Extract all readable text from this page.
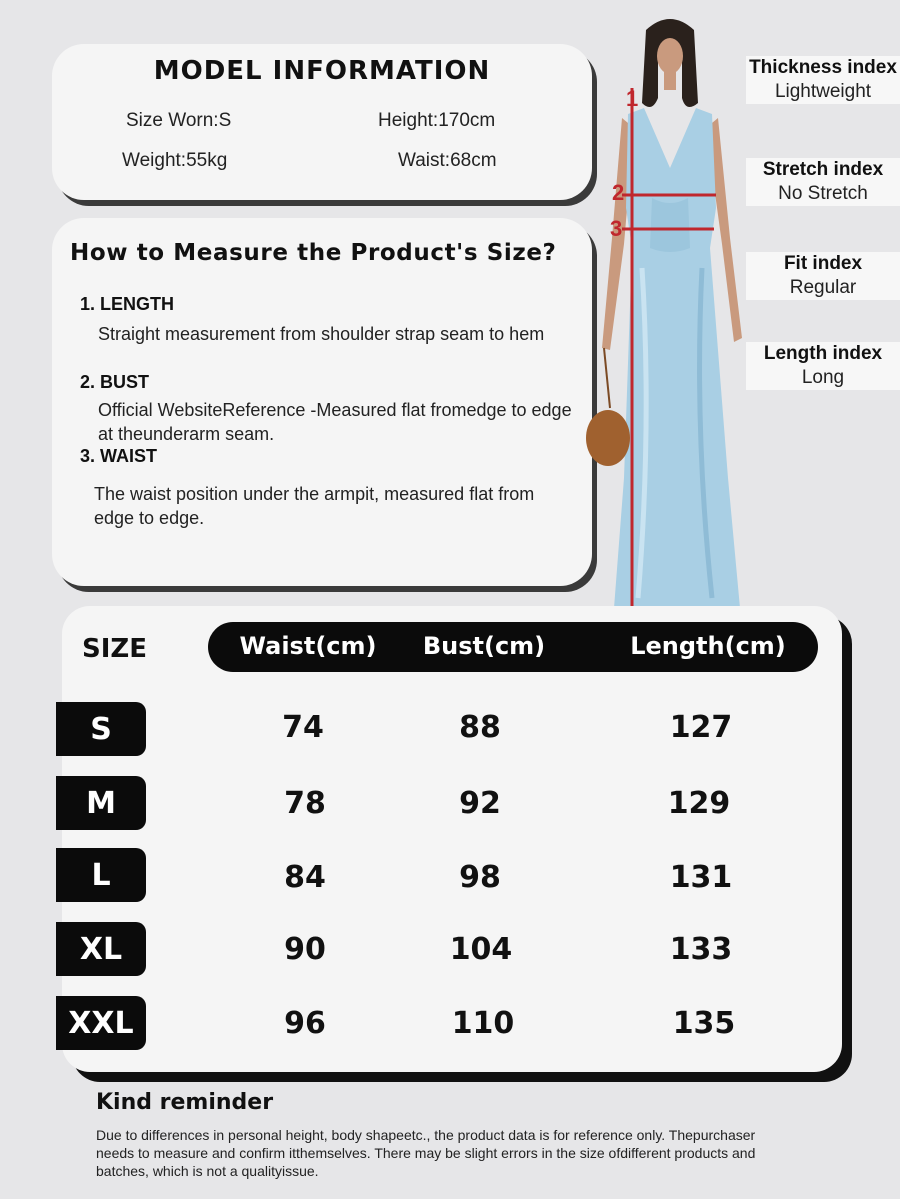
MODEL INFORMATION
Size Worn:S	Height:170cm
Weight:55kg	Waist:68cm
How to Measure the Product's Size?
1. LENGTH
Straight measurement from shoulder strap seam to hem
2. BUST
Official WebsiteReference -Measured flat fromedge to edge at theunderarm seam.
3. WAIST
The waist position under the armpit, measured flat from edge to edge.
1
2
3
Thickness index
Lightweight
Stretch index
No Stretch
Fit index
Regular
Length index
Long
SIZE	Waist(cm)	Bust(cm)	Length(cm)
S	74	88	127
M	78	92	129
L	84	98	131
XL	90	104	133
XXL	96	110	135
Kind reminder
Due to differences in personal height, body shapeetc., the product data is for reference only. Thepurchaser needs to measure and confirm itthemselves. There may be slight errors in the size ofdifferent products and batches, which is not a qualityissue.
